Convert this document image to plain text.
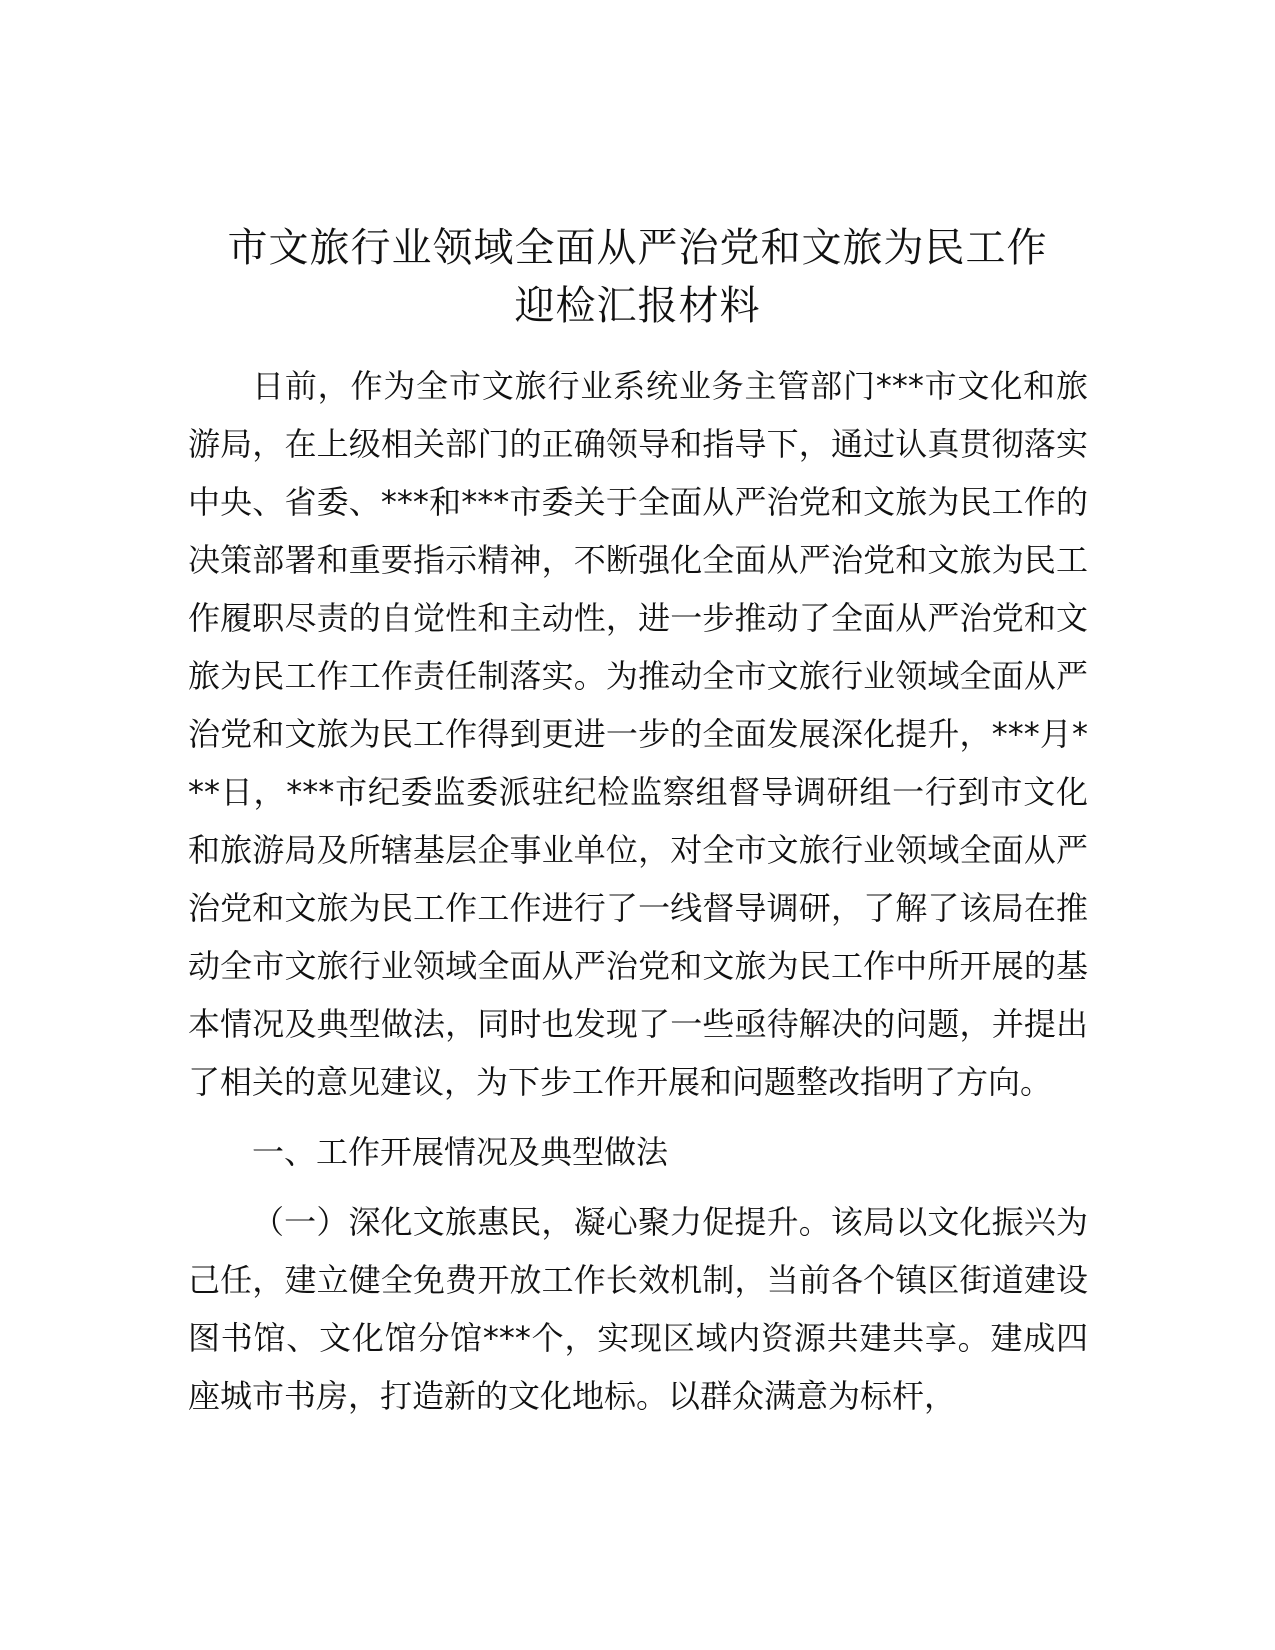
市文旅行业领域全面从严治党和文旅为民工作
迎检汇报材料

日前，作为全市文旅行业系统业务主管部门***市文化和旅游局，在上级相关部门的正确领导和指导下，通过认真贯彻落实中央、省委、***和***市委关于全面从严治党和文旅为民工作的决策部署和重要指示精神，不断强化全面从严治党和文旅为民工作履职尽责的自觉性和主动性，进一步推动了全面从严治党和文旅为民工作工作责任制落实。为推动全市文旅行业领域全面从严治党和文旅为民工作得到更进一步的全面发展深化提升，***月***日，***市纪委监委派驻纪检监察组督导调研组一行到市文化和旅游局及所辖基层企事业单位，对全市文旅行业领域全面从严治党和文旅为民工作工作进行了一线督导调研，了解了该局在推动全市文旅行业领域全面从严治党和文旅为民工作中所开展的基本情况及典型做法，同时也发现了一些亟待解决的问题，并提出了相关的意见建议，为下步工作开展和问题整改指明了方向。

一、工作开展情况及典型做法

（一）深化文旅惠民，凝心聚力促提升。该局以文化振兴为己任，建立健全免费开放工作长效机制，当前各个镇区街道建设图书馆、文化馆分馆***个，实现区域内资源共建共享。建成四座城市书房，打造新的文化地标。以群众满意为标杆，
